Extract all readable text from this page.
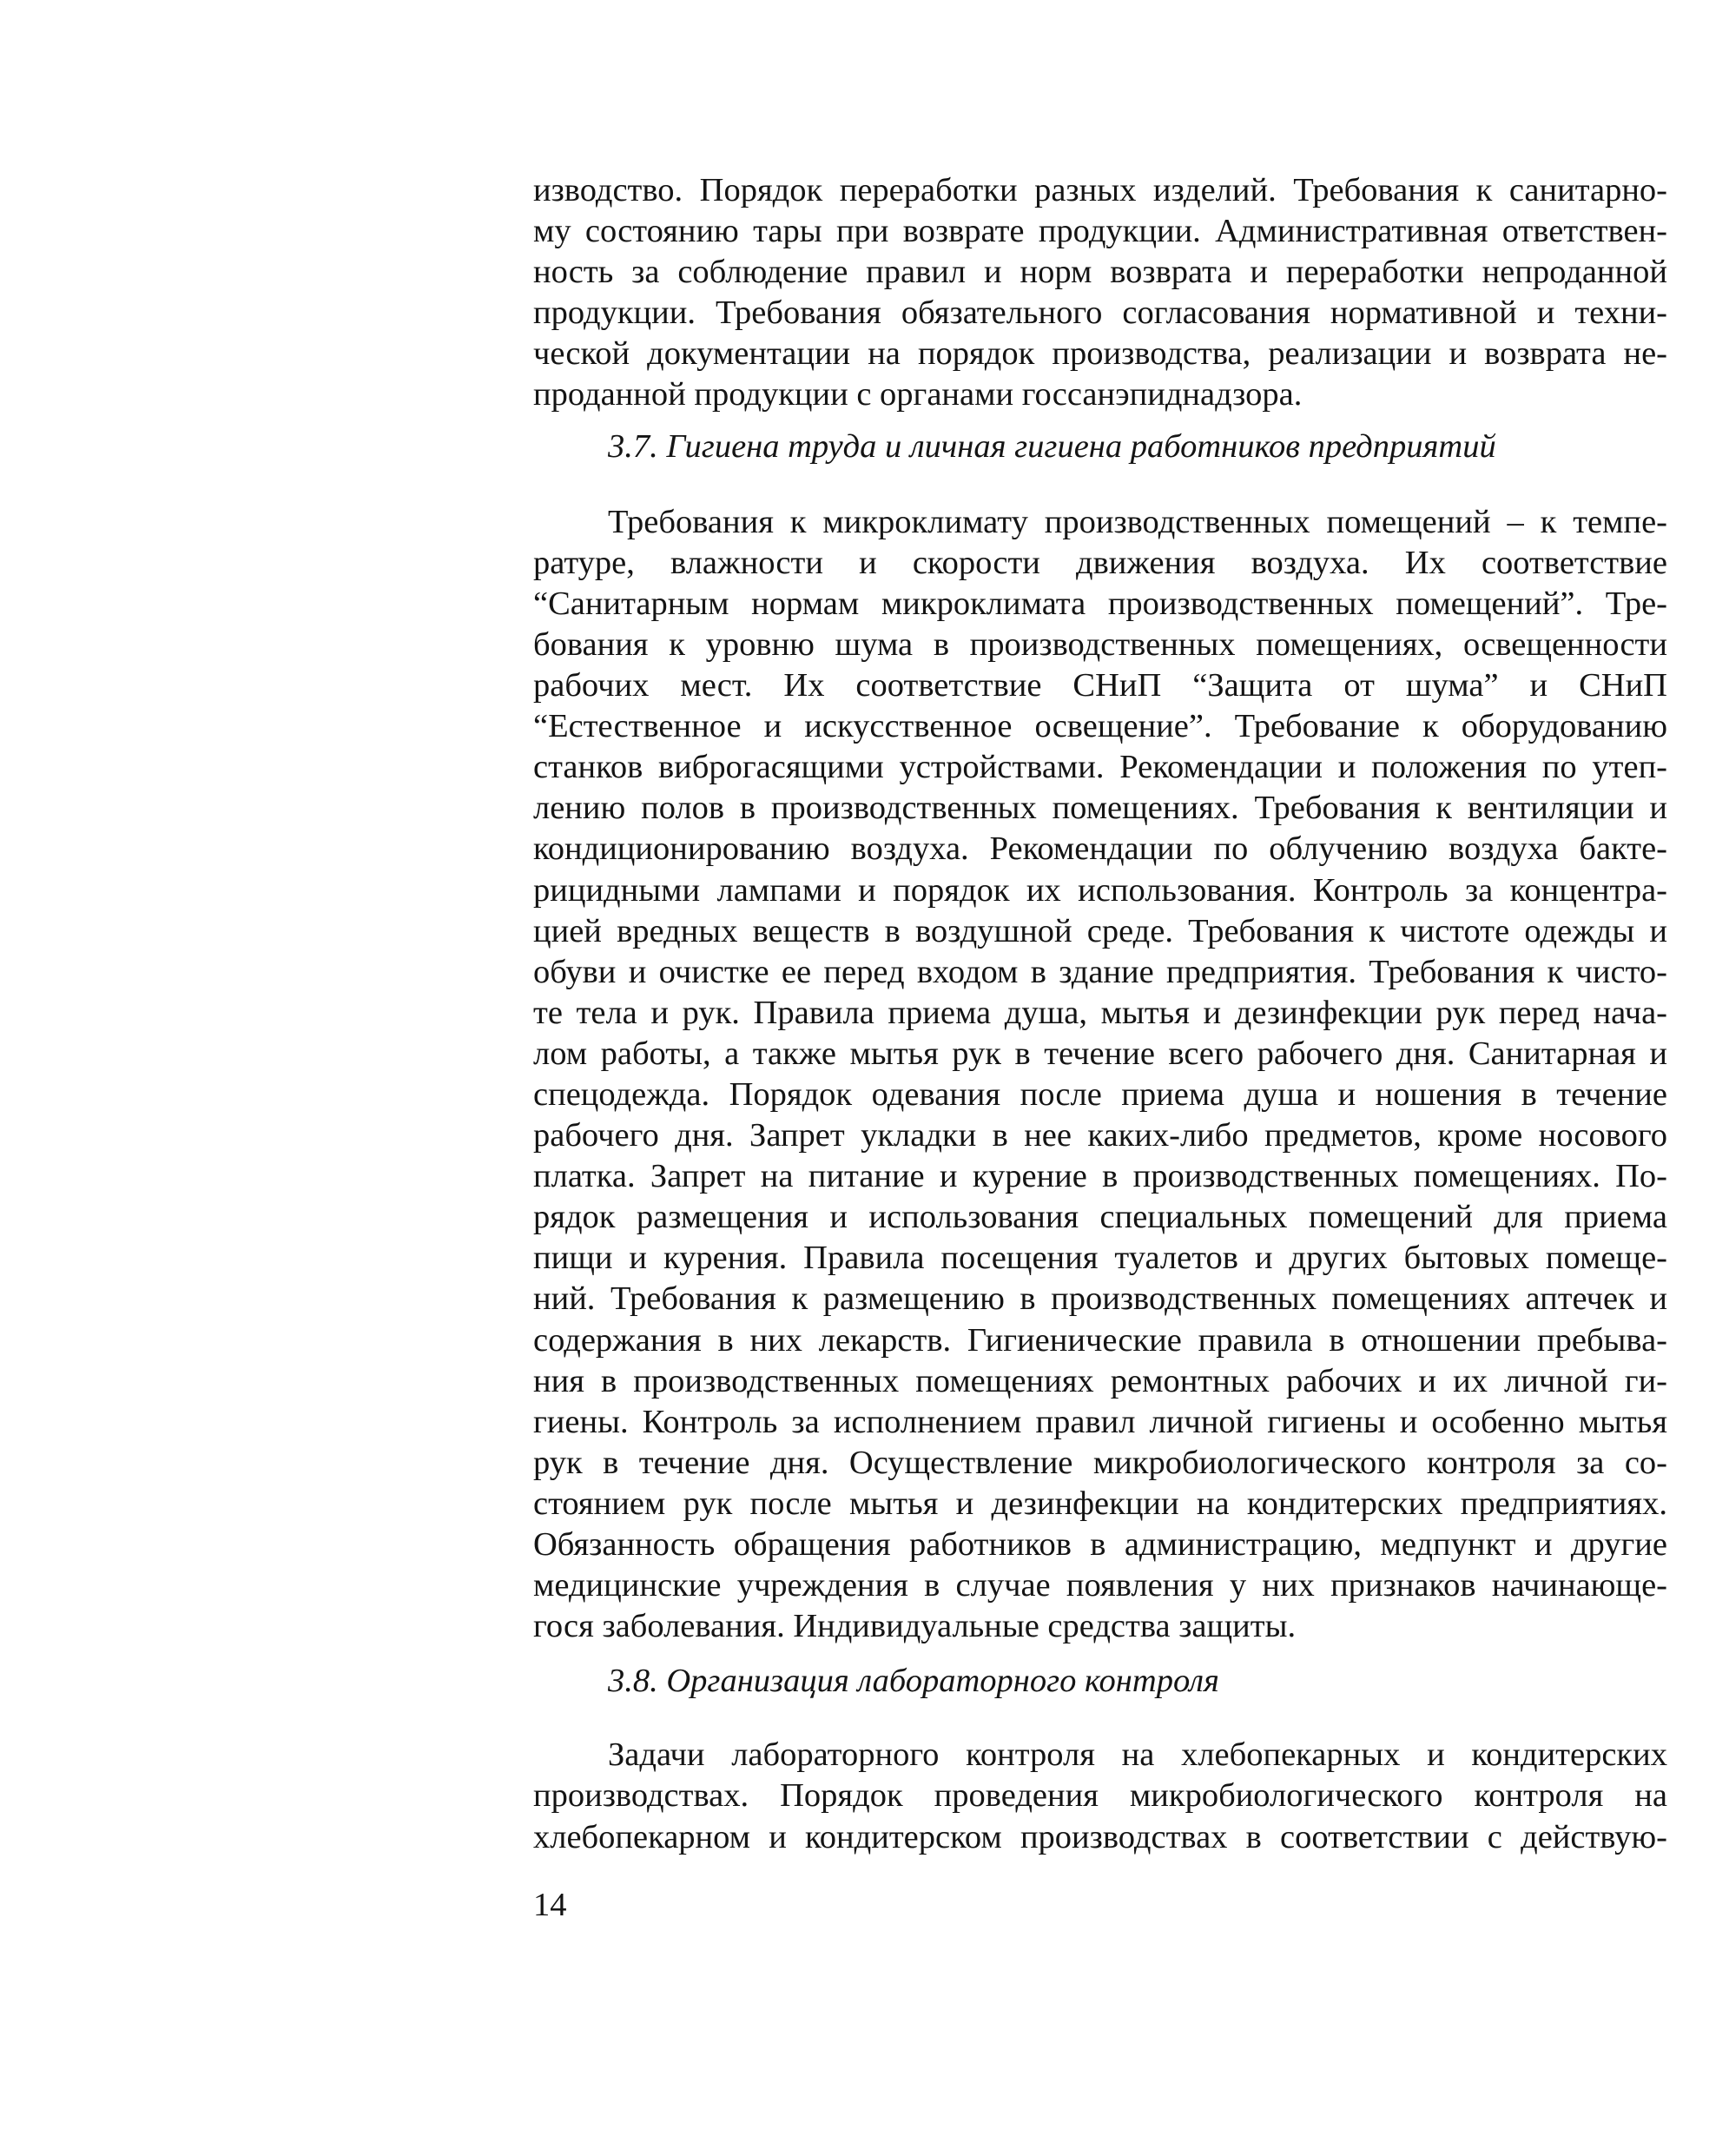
изводство. Порядок переработки разных изделий. Требования к санитарно-
му состоянию тары при возврате продукции. Административная ответствен-
ность за соблюдение правил и норм возврата и переработки непроданной
продукции. Требования обязательного согласования нормативной и техни-
ческой документации на порядок производства, реализации и возврата не-
проданной продукции с органами госсанэпиднадзора.

3.7. Гигиена труда и личная гигиена работников предприятий

Требования к микроклимату производственных помещений – к темпе-
ратуре, влажности и скорости движения воздуха. Их соответствие
“Санитарным нормам микроклимата производственных помещений”. Тре-
бования к уровню шума в производственных помещениях, освещенности
рабочих мест. Их соответствие СНиП “Защита от шума” и СНиП
“Естественное и искусственное освещение”. Требование к оборудованию
станков виброгасящими устройствами. Рекомендации и положения по утеп-
лению полов в производственных помещениях. Требования к вентиляции и
кондиционированию воздуха. Рекомендации по облучению воздуха бакте-
рицидными лампами и порядок их использования. Контроль за концентра-
цией вредных веществ в воздушной среде. Требования к чистоте одежды и
обуви и очистке ее перед входом в здание предприятия. Требования к чисто-
те тела и рук. Правила приема душа, мытья и дезинфекции рук перед нача-
лом работы, а также мытья рук в течение всего рабочего дня. Санитарная и
спецодежда. Порядок одевания после приема душа и ношения в течение
рабочего дня. Запрет укладки в нее каких-либо предметов, кроме носового
платка. Запрет на питание и курение в производственных помещениях. По-
рядок размещения и использования специальных помещений для приема
пищи и курения. Правила посещения туалетов и других бытовых помеще-
ний. Требования к размещению в производственных помещениях аптечек и
содержания в них лекарств. Гигиенические правила в отношении пребыва-
ния в производственных помещениях ремонтных рабочих и их личной ги-
гиены. Контроль за исполнением правил личной гигиены и особенно мытья
рук в течение дня. Осуществление микробиологического контроля за со-
стоянием рук после мытья и дезинфекции на кондитерских предприятиях.
Обязанность обращения работников в администрацию, медпункт и другие
медицинские учреждения в случае появления у них признаков начинающе-
гося заболевания. Индивидуальные средства защиты.

3.8. Организация лабораторного контроля

Задачи лабораторного контроля на хлебопекарных и кондитерских
производствах. Порядок проведения микробиологического контроля на
хлебопекарном и кондитерском производствах в соответствии с действую-

14
